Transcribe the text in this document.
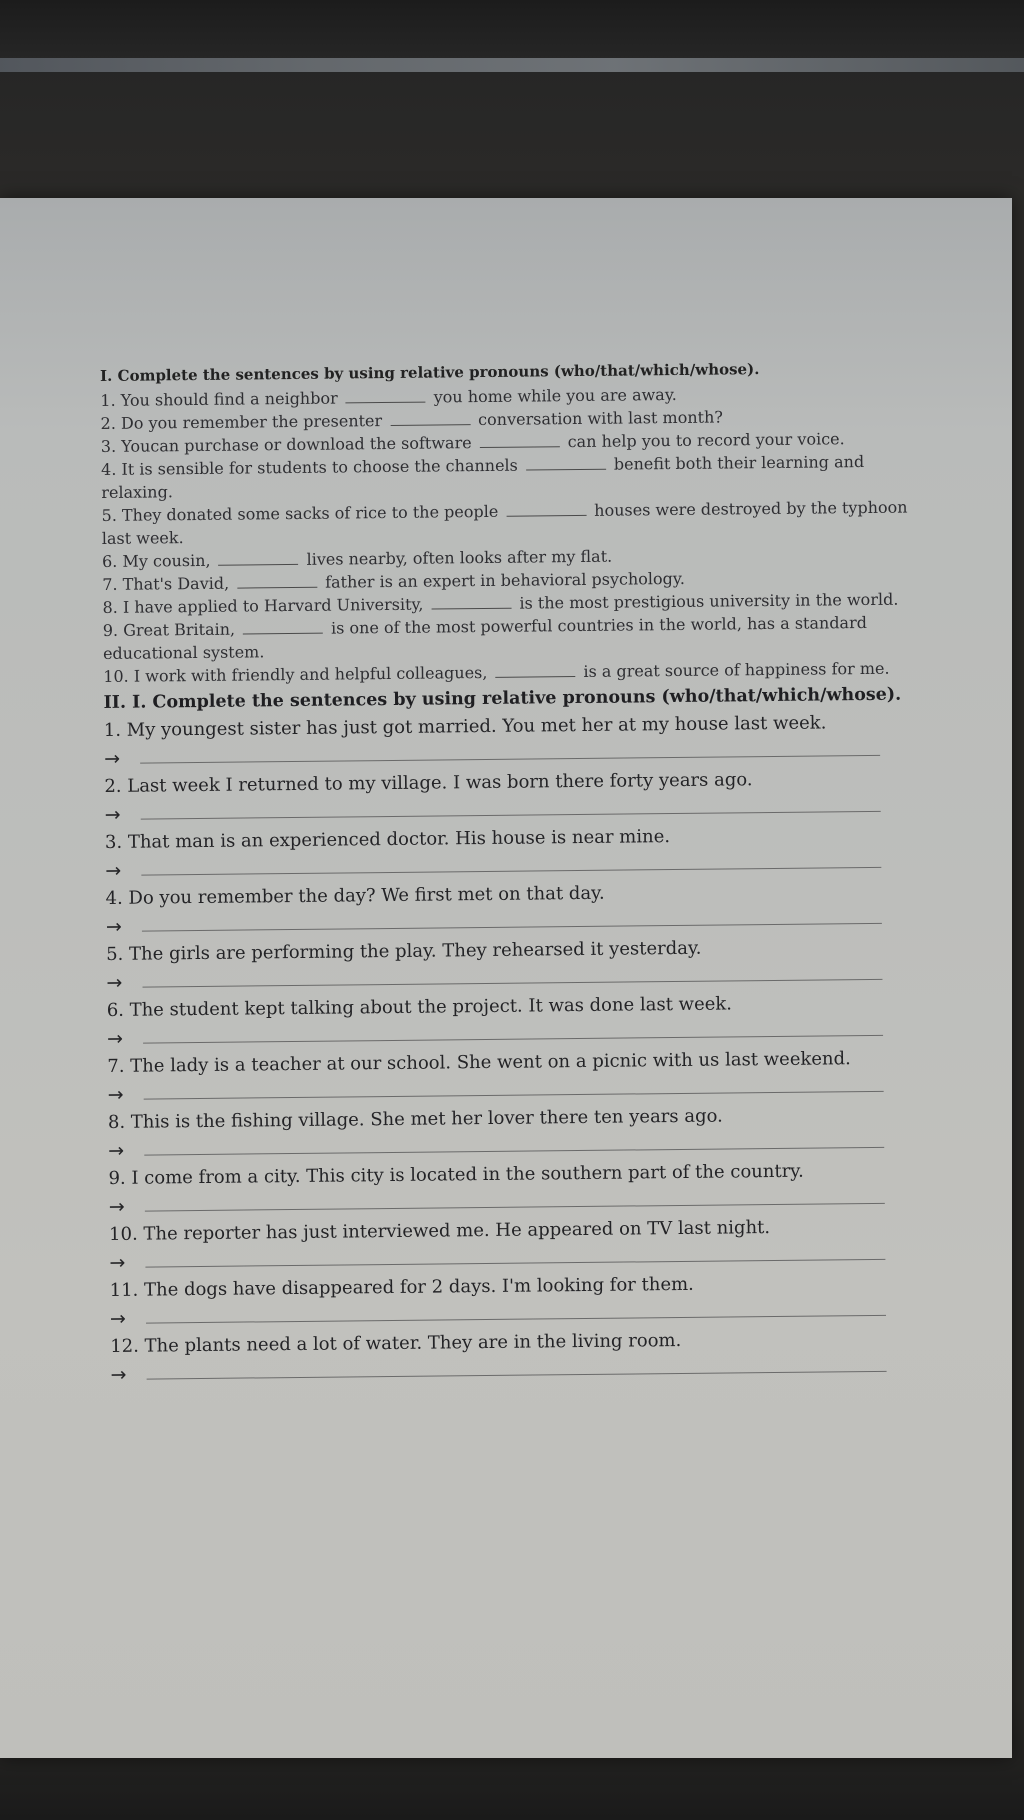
I. Complete the sentences by using relative pronouns (who/that/which/whose).
1. You should find a neighbor	you home while you are away.
2. Do you remember the presenter	conversation with last month?
3. Youcan purchase or download the software	can help you to record your voice.
4. It is sensible for students to choose the channels	benefit both their learning and relaxing.
5. They donated some sacks of rice to the people	houses were destroyed by the typhoon last week.
6. My cousin,	lives nearby, often looks after my flat.
7. That's David,	father is an expert in behavioral psychology.
8. I have applied to Harvard University,	is the most prestigious university in the world.
9. Great Britain,	is one of the most powerful countries in the world, has a standard educational system.
10. I work with friendly and helpful colleagues,	is a great source of happiness for me.
II. I. Complete the sentences by using relative pronouns (who/that/which/whose).
1. My youngest sister has just got married. You met her at my house last week.
→
2. Last week I returned to my village. I was born there forty years ago.
→
3. That man is an experienced doctor. His house is near mine.
→
4. Do you remember the day? We first met on that day.
→
5. The girls are performing the play. They rehearsed it yesterday.
→
6. The student kept talking about the project. It was done last week.
→
7. The lady is a teacher at our school. She went on a picnic with us last weekend.
→
8. This is the fishing village. She met her lover there ten years ago.
→
9. I come from a city. This city is located in the southern part of the country.
→
10. The reporter has just interviewed me. He appeared on TV last night.
→
11. The dogs have disappeared for 2 days. I'm looking for them.
→
12. The plants need a lot of water. They are in the living room.
→
